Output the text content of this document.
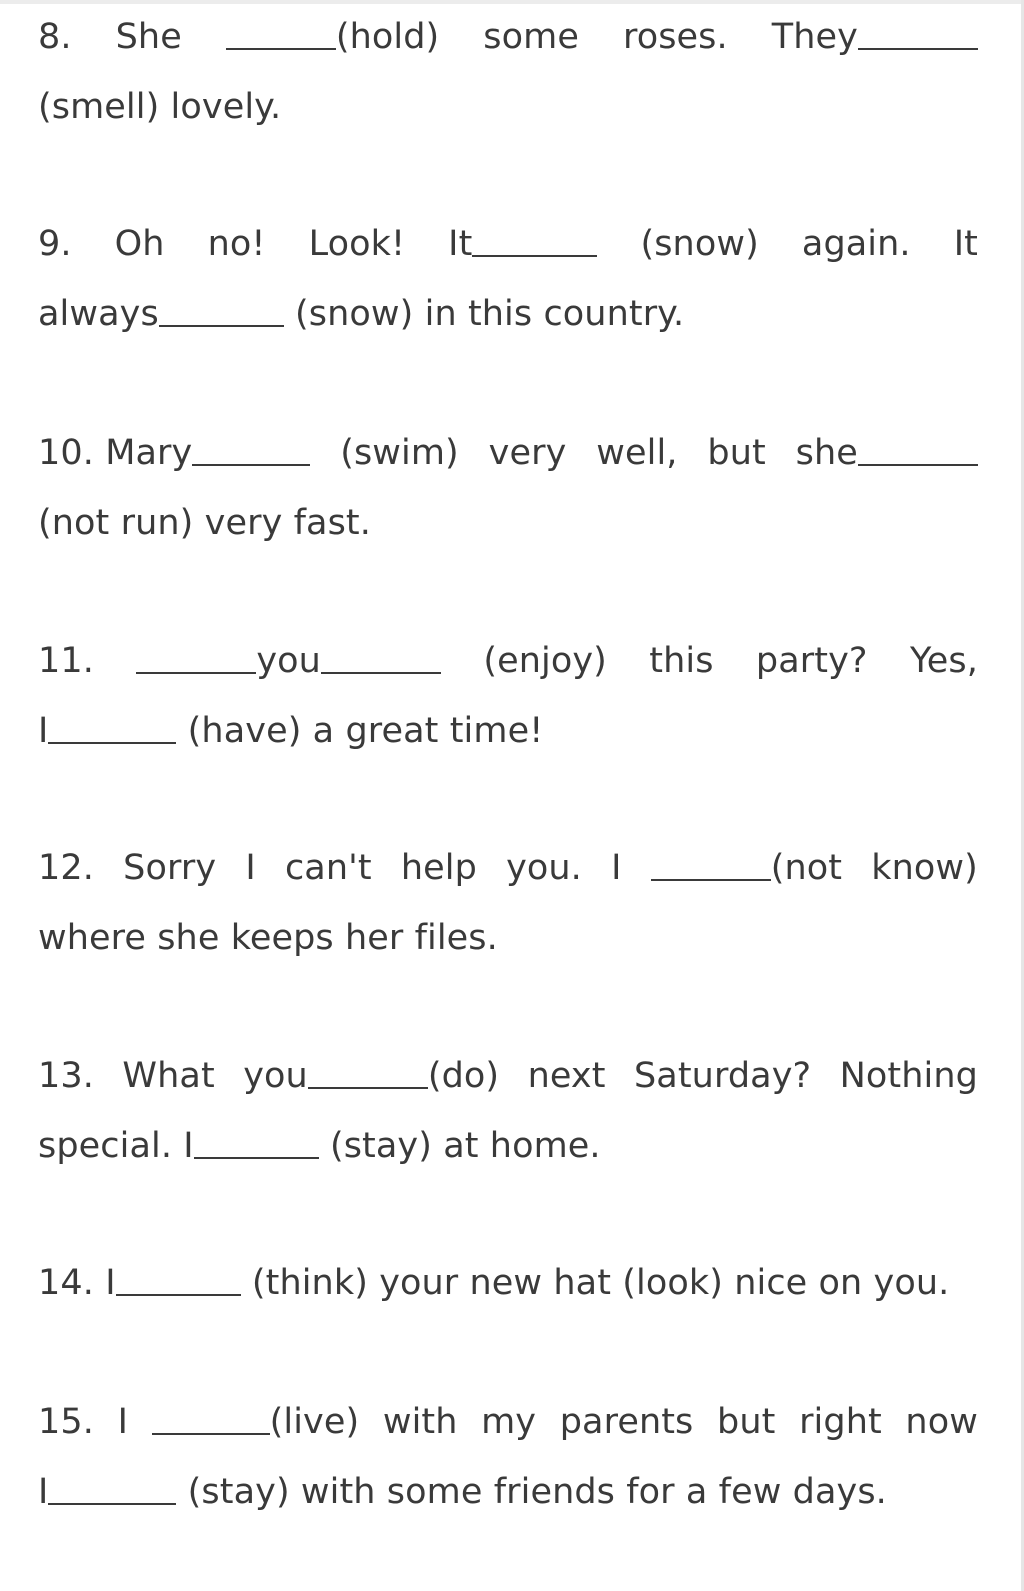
8. She	(hold) some roses. They
(smell) lovely.
9. Oh no! Look! It	(snow) again. It
always	(snow) in this country.
10.
Mary	(swim) very well, but she
(not run) very fast.
11.	you	(enjoy) this party? Yes,
I	(have) a great time!
12. Sorry I can't help you. I	(not know)
where she keeps her files.
13. What you	(do) next Saturday? Nothing
special. I	(stay) at home.
14. I	(think) your new hat (look) nice on you.
15. I	(live) with my parents but right now
I	(stay) with some friends for a few days.
